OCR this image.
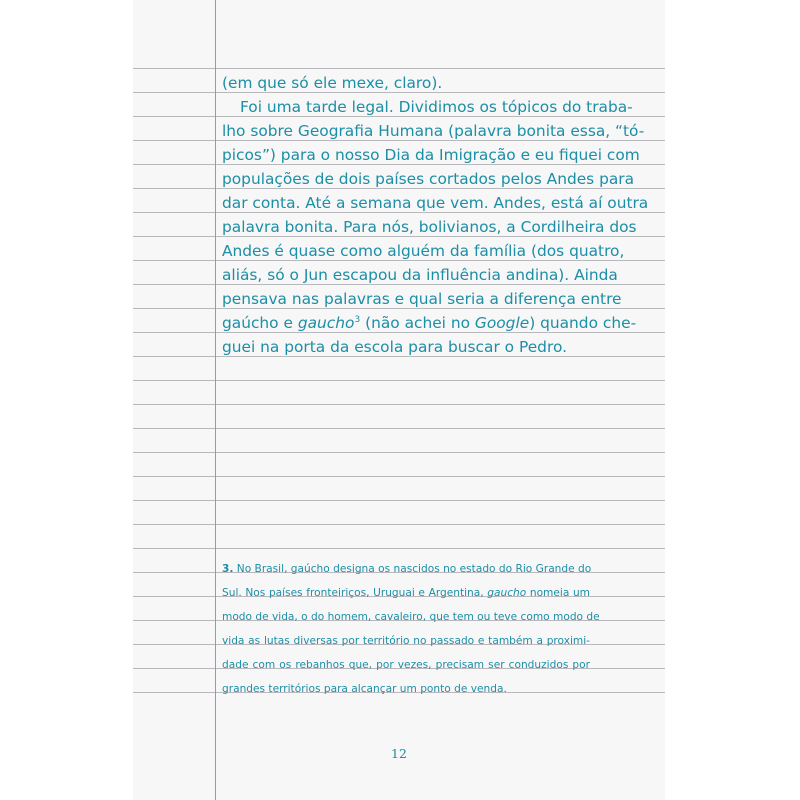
(em que só ele mexe, claro).
Foi uma tarde legal. Dividimos os tópicos do traba-
lho sobre Geografia Humana (palavra bonita essa, “tó-
picos”) para o nosso Dia da Imigração e eu fiquei com
populações de dois países cortados pelos Andes para
dar conta. Até a semana que vem. Andes, está aí outra
palavra bonita. Para nós, bolivianos, a Cordilheira dos
Andes é quase como alguém da família (dos quatro,
aliás, só o Jun escapou da influência andina). Ainda
pensava nas palavras e qual seria a diferença entre
gaúcho e gaucho$^3$ (não achei no Google) quando che-
guei na porta da escola para buscar o Pedro.
3. No Brasil, gaúcho designa os nascidos no estado do Rio Grande do
Sul. Nos países fronteiriços, Uruguai e Argentina, gaucho nomeia um
modo de vida, o do homem, cavaleiro, que tem ou teve como modo de
vida as lutas diversas por território no passado e também a proximi-
dade com os rebanhos que, por vezes, precisam ser conduzidos por
grandes territórios para alcançar um ponto de venda.
12
